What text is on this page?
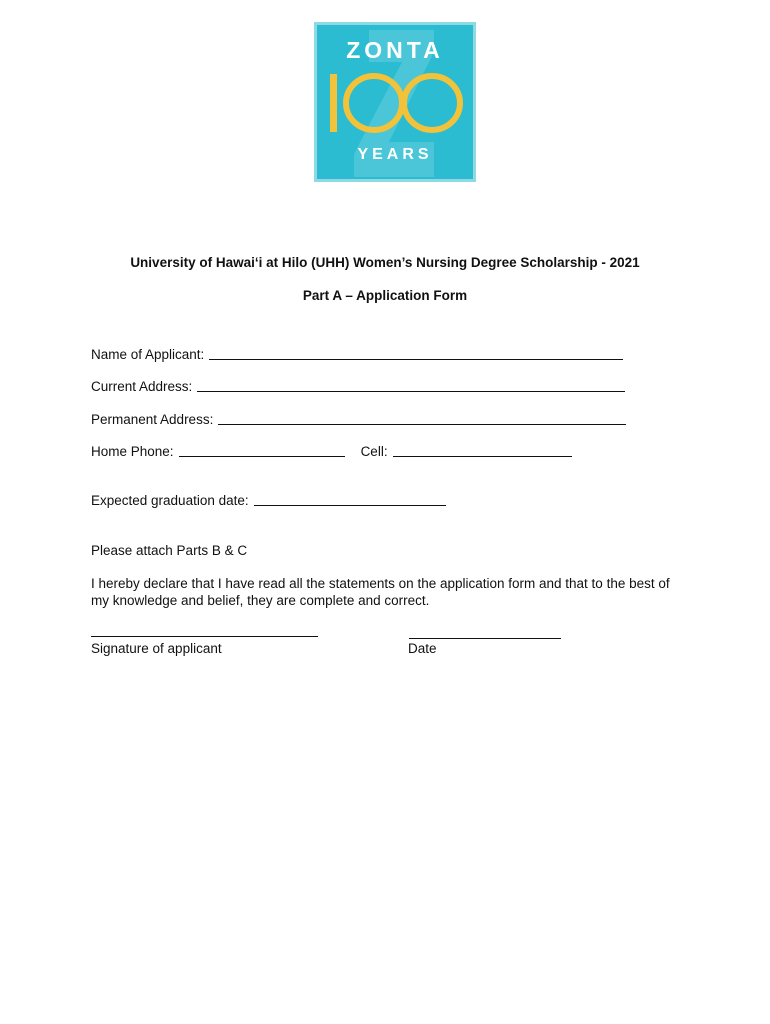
ZONTA
YEARS
University of Hawaiʻi at Hilo (UHH) Women’s Nursing Degree Scholarship - 2021
Part A – Application Form
Name of Applicant:
Current Address:
Permanent Address:
Home Phone:	Cell:
Expected graduation date:
Please attach Parts B & C
I hereby declare that I have read all the statements on the application form and that to the best of my knowledge and belief, they are complete and correct.
Signature of applicant	Date
